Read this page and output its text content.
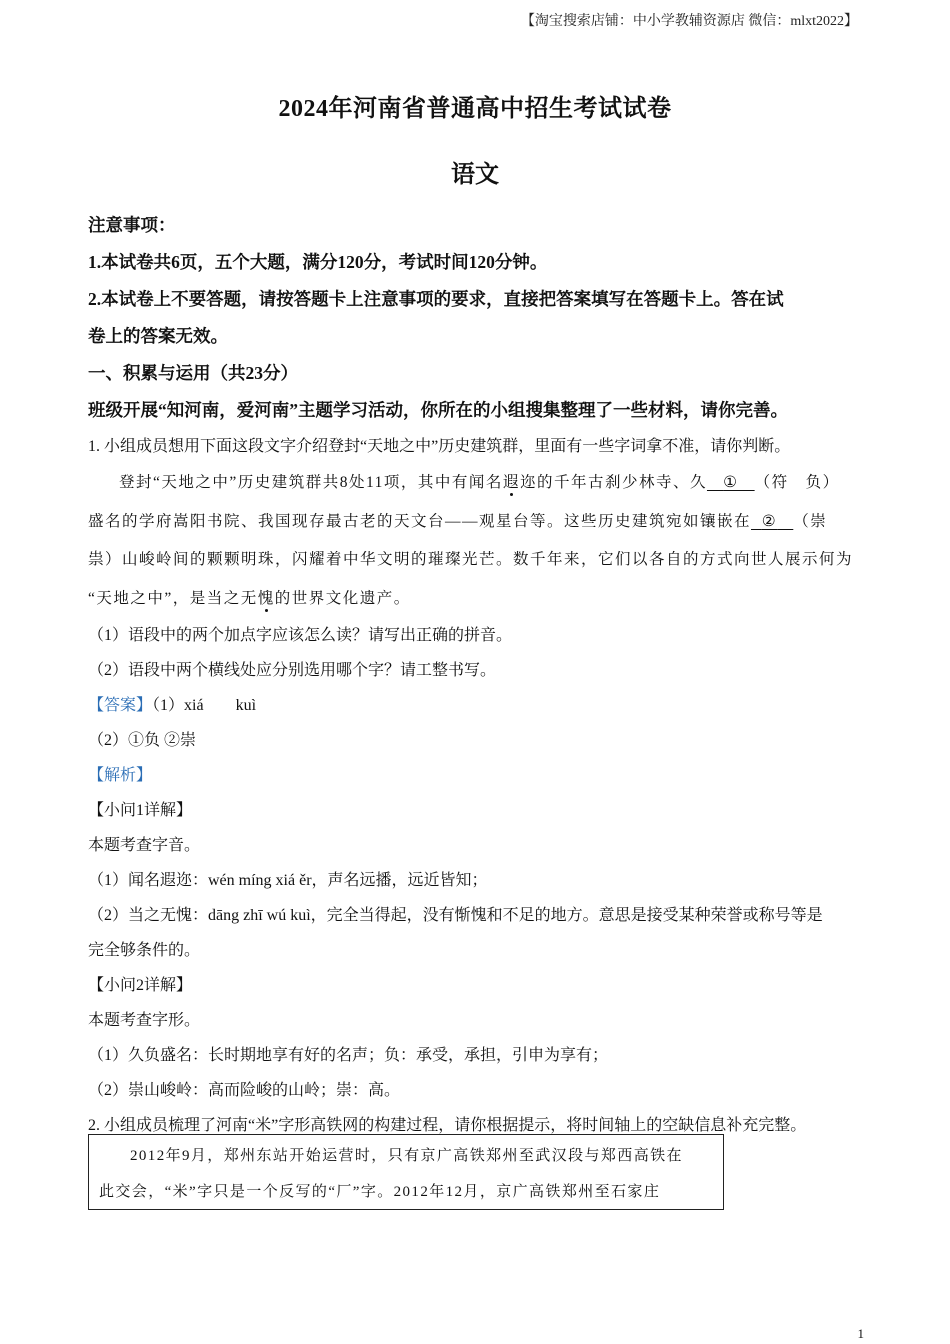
【淘宝搜索店铺：中小学教辅资源店 微信：mlxt2022】
2024年河南省普通高中招生考试试卷
语文
注意事项：
1.本试卷共6页，五个大题，满分120分，考试时间120分钟。
2.本试卷上不要答题，请按答题卡上注意事项的要求，直接把答案填写在答题卡上。答在试
卷上的答案无效。
一、积累与运用（共23分）
班级开展“知河南，爱河南”主题学习活动，你所在的小组搜集整理了一些材料，请你完善。
1. 小组成员想用下面这段文字介绍登封“天地之中”历史建筑群，里面有一些字词拿不准，请你判断。
登封“天地之中”历史建筑群共8处11项，其中有闻名遐迩的千年古刹少林寺、久 ① （符　负）
盛名的学府嵩阳书院、我国现存最古老的天文台——观星台等。这些历史建筑宛如镶嵌在 ② （崇
祟）山峻岭间的颗颗明珠，闪耀着中华文明的璀璨光芒。数千年来，它们以各自的方式向世人展示何为
“天地之中”，是当之无愧的世界文化遗产。
（1）语段中的两个加点字应该怎么读？请写出正确的拼音。
（2）语段中两个横线处应分别选用哪个字？请工整书写。
【答案】（1）xiá　　kuì
（2）①负 ②崇
【解析】
【小问1详解】
本题考查字音。
（1）闻名遐迩：wén míng xiá ěr，声名远播，远近皆知；
（2）当之无愧：dāng zhī wú kuì，完全当得起，没有惭愧和不足的地方。意思是接受某种荣誉或称号等是
完全够条件的。
【小问2详解】
本题考查字形。
（1）久负盛名：长时期地享有好的名声；负：承受，承担，引申为享有；
（2）崇山峻岭：高而险峻的山岭；崇：高。
2. 小组成员梳理了河南“米”字形高铁网的构建过程，请你根据提示，将时间轴上的空缺信息补充完整。
2012年9月，郑州东站开始运营时，只有京广高铁郑州至武汉段与郑西高铁在
此交会，“米”字只是一个反写的“厂”字。2012年12月，京广高铁郑州至石家庄
1
